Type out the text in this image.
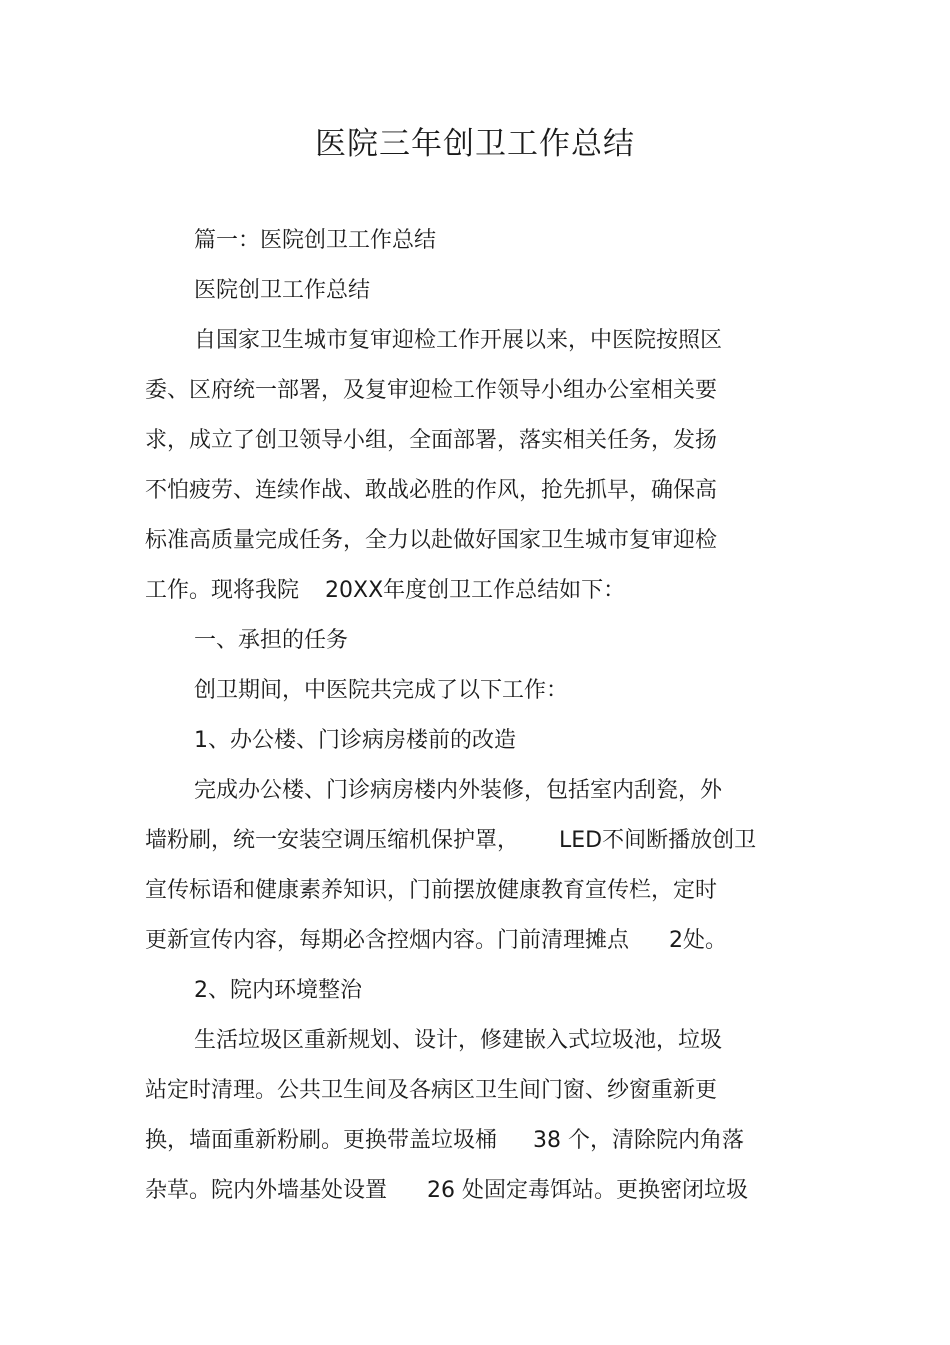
医院三年创卫工作总结
篇一：医院创卫工作总结
医院创卫工作总结
自国家卫生城市复审迎检工作开展以来，中医院按照区
委、区府统一部署，及复审迎检工作领导小组办公室相关要
求，成立了创卫领导小组，全面部署，落实相关任务，发扬
不怕疲劳、连续作战、敢战必胜的作风，抢先抓早，确保高
标准高质量完成任务，全力以赴做好国家卫生城市复审迎检
工作。现将我院 20XX年度创卫工作总结如下：
一、承担的任务
创卫期间，中医院共完成了以下工作：
1、办公楼、门诊病房楼前的改造
完成办公楼、门诊病房楼内外装修，包括室内刮瓷，外
墙粉刷，统一安装空调压缩机保护罩， LED不间断播放创卫
宣传标语和健康素养知识，门前摆放健康教育宣传栏，定时
更新宣传内容，每期必含控烟内容。门前清理摊点 2处。
2、院内环境整治
生活垃圾区重新规划、设计，修建嵌入式垃圾池，垃圾
站定时清理。公共卫生间及各病区卫生间门窗、纱窗重新更
换，墙面重新粉刷。更换带盖垃圾桶 38 个，清除院内角落
杂草。院内外墙基处设置 26 处固定毒饵站。更换密闭垃圾
